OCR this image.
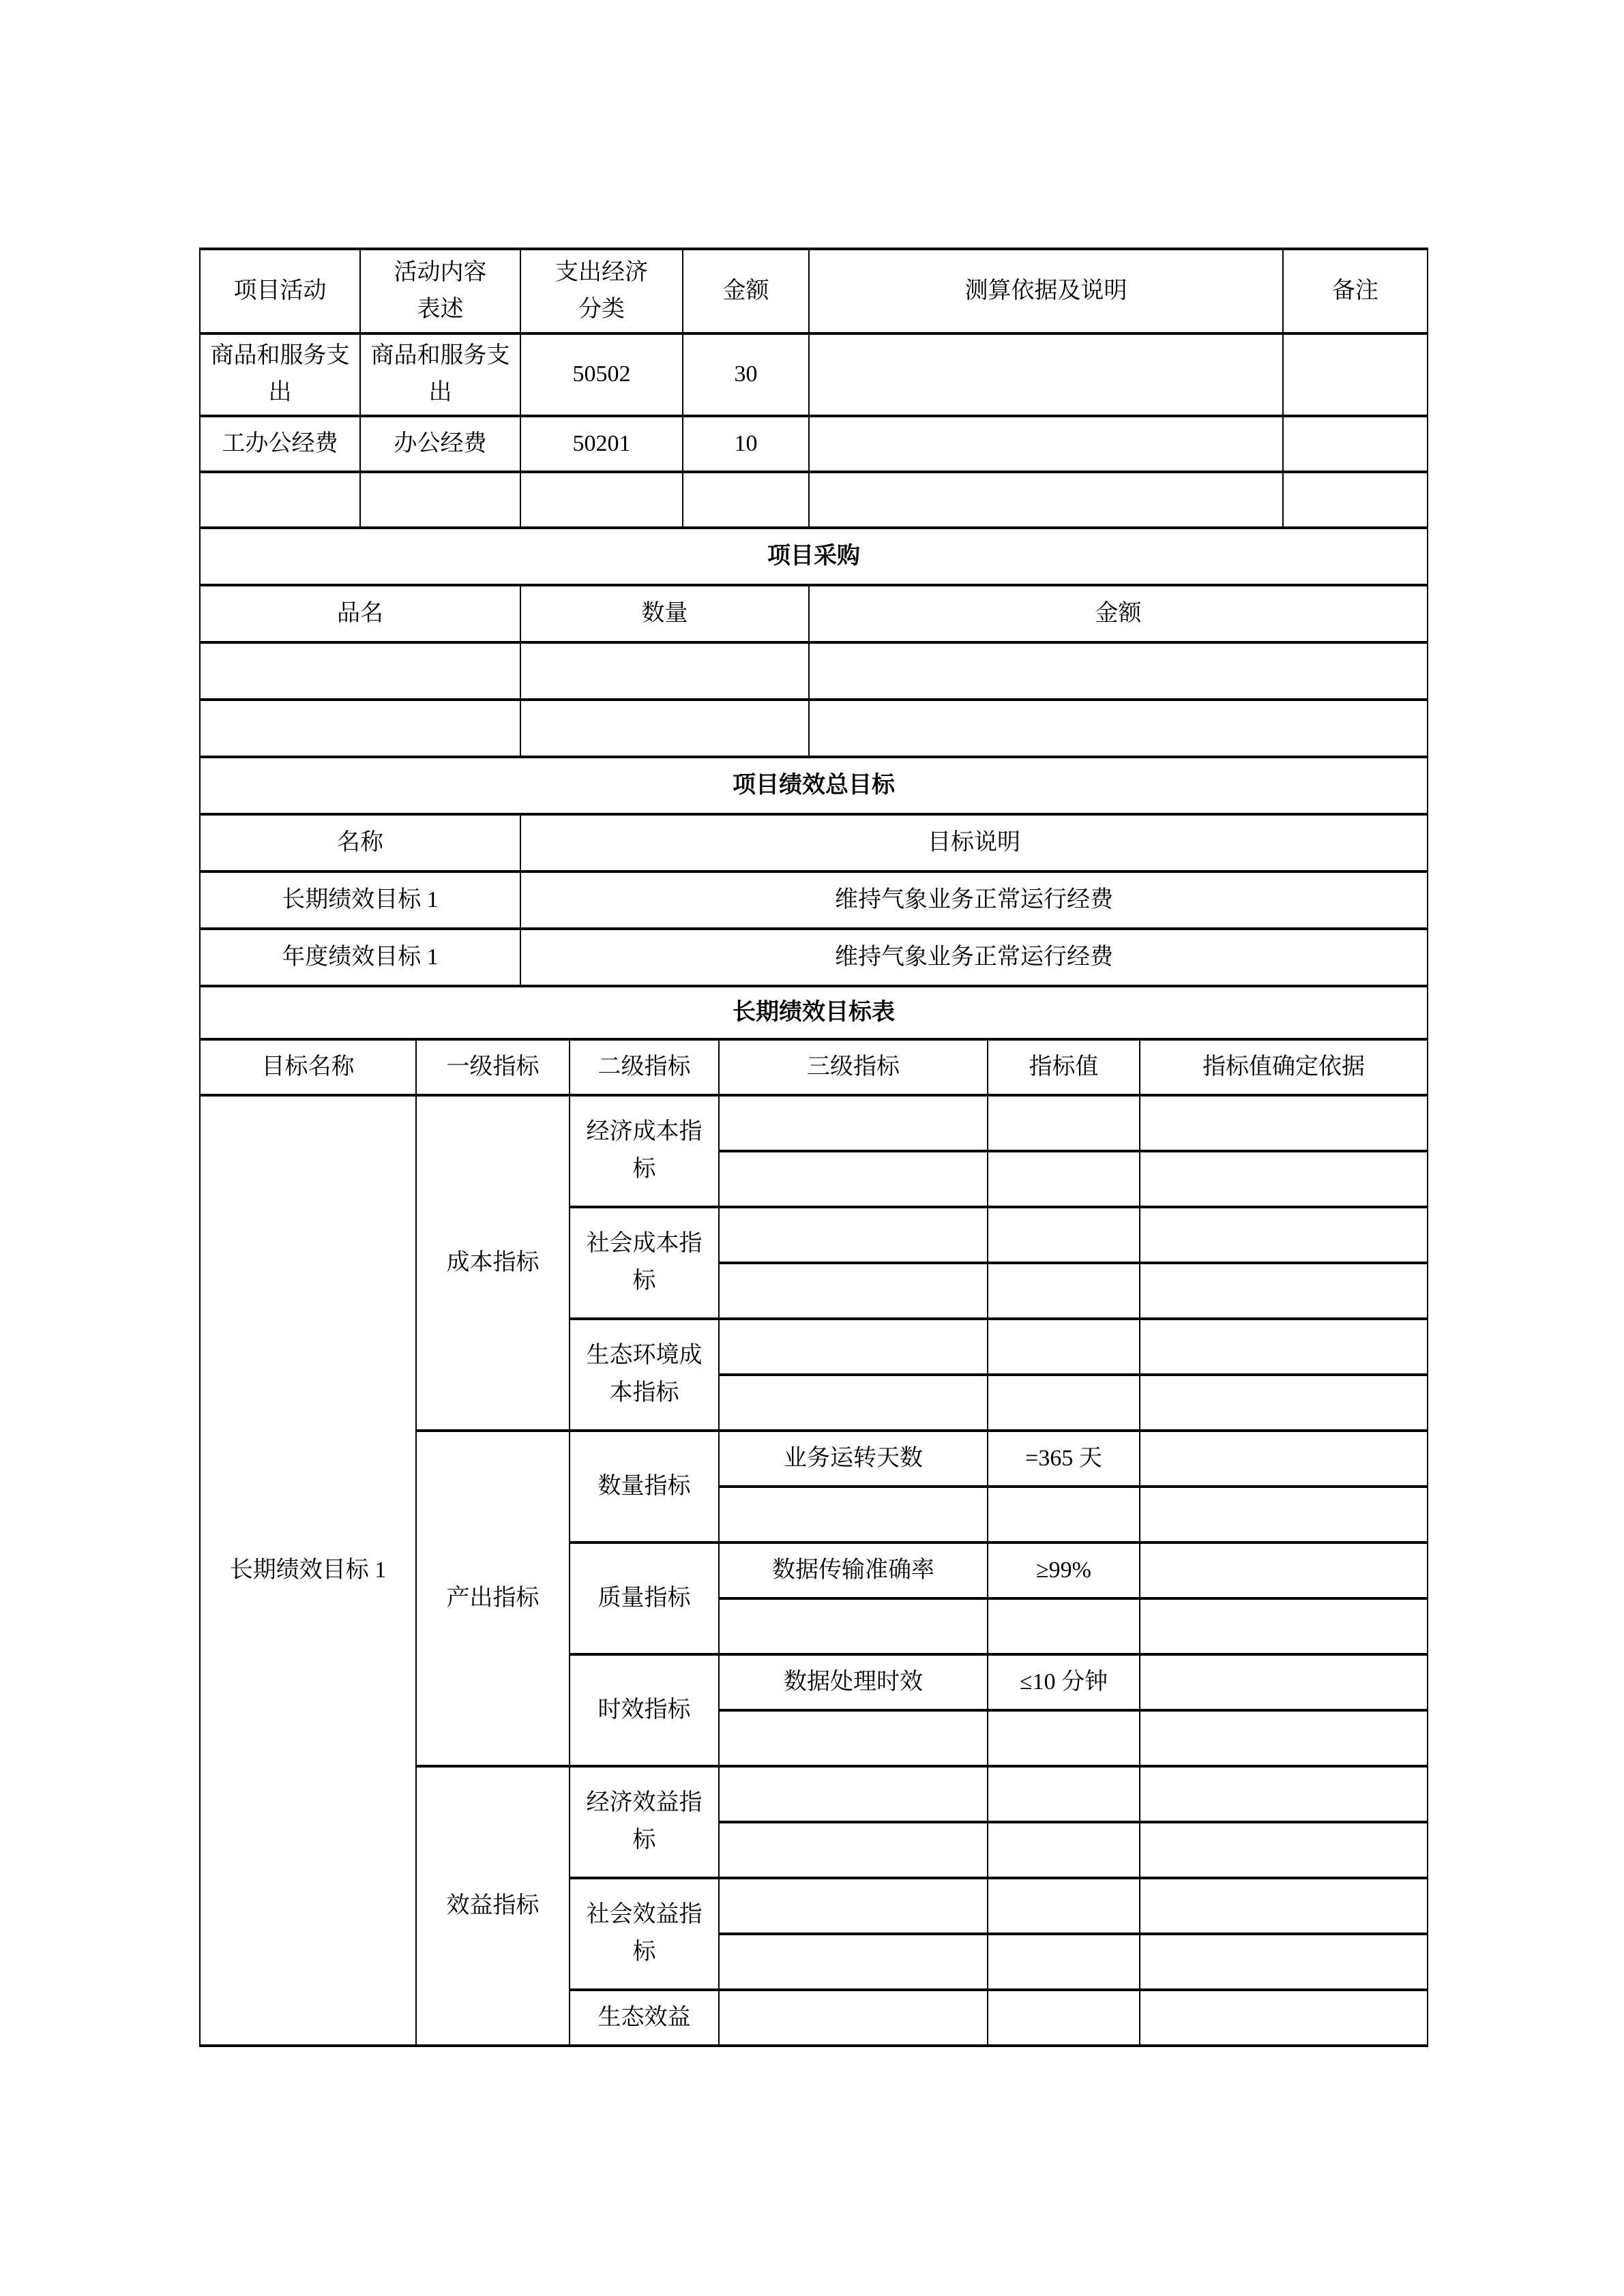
项目活动	活动内容表述	支出经济分类	金额	测算依据及说明	备注
商品和服务支出	商品和服务支出	50502	30		
工办公经费	办公经费	50201	10		

项目采购		
品名	数量	金额

项目绩效总目标	
名称	目标说明
长期绩效目标 1	维持气象业务正常运行经费
年度绩效目标 1	维持气象业务正常运行经费
长期绩效目标表					
目标名称	一级指标	二级指标	三级指标	指标值	指标值确定依据
长期绩效目标 1	成本指标	经济成本指标			

		社会成本指标			

		生态环境成本指标			

	产出指标	数量指标	业务运转天数	=365 天	

		质量指标	数据传输准确率	≥99%	

		时效指标	数据处理时效	≤10 分钟	

	效益指标	经济效益指标			

		社会效益指标			

		生态效益			
